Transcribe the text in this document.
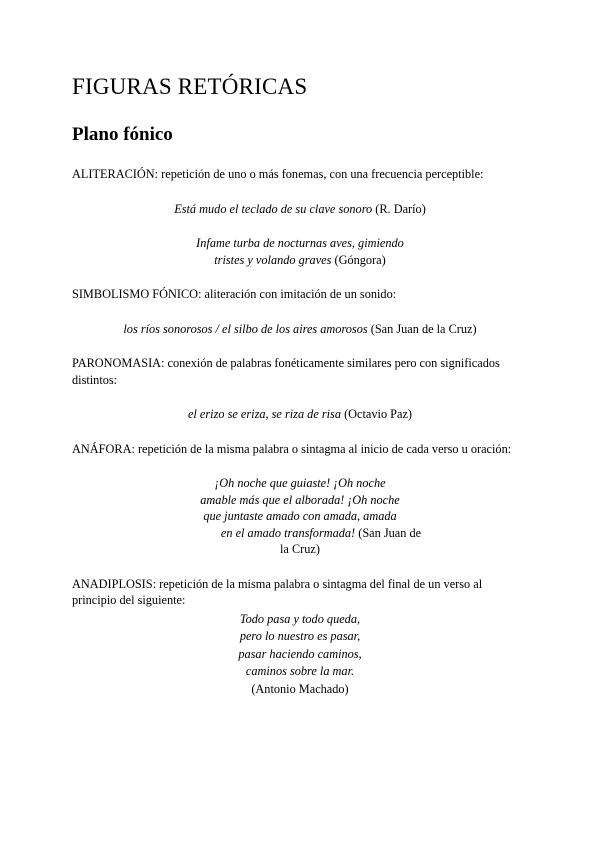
FIGURAS RETÓRICAS
Plano fónico

ALITERACIÓN: repetición de uno o más fonemas, con una frecuencia perceptible:

Está mudo el teclado de su clave sonoro (R. Darío)

Infame turba de nocturnas aves, gimiendo
tristes y volando graves (Góngora)

SIMBOLISMO FÓNICO: aliteración con imitación de un sonido:

los ríos sonorosos / el silbo de los aires amorosos (San Juan de la Cruz)

PARONOMASIA: conexión de palabras fonéticamente similares pero con significados distintos:

el erizo se eriza, se riza de risa (Octavio Paz)

ANÁFORA: repetición de la misma palabra o sintagma al inicio de cada verso u oración:

¡Oh noche que guiaste! ¡Oh noche
amable más que el alborada! ¡Oh noche
que juntaste amado con amada, amada
en el amado transformada! (San Juan de
la Cruz)

ANADIPLOSIS: repetición de la misma palabra o sintagma del final de un verso al principio del siguiente:

Todo pasa y todo queda,
pero lo nuestro es pasar,
pasar haciendo caminos,
caminos sobre la mar.
(Antonio Machado)
